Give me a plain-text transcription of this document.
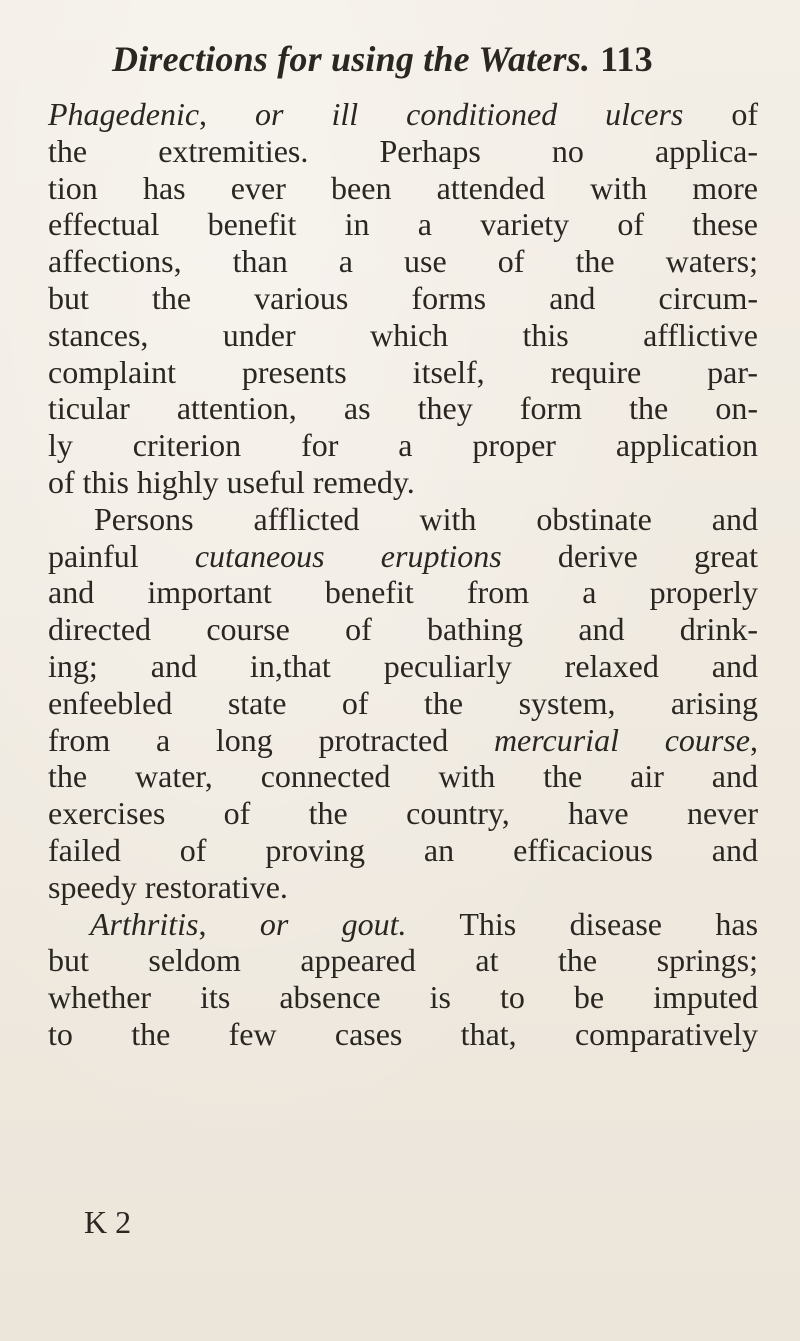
Directions for using the Waters. 113
Phagedenic, or ill conditioned ulcers of
the extremities. Perhaps no applica-
tion has ever been attended with more
effectual benefit in a variety of these
affections, than a use of the waters;
but the various forms and circum-
stances, under which this afflictive
complaint presents itself, require par-
ticular attention, as they form the on-
ly criterion for a proper application
of this highly useful remedy.
Persons afflicted with obstinate and
painful cutaneous eruptions derive great
and important benefit from a properly
directed course of bathing and drink-
ing; and in,that peculiarly relaxed and
enfeebled state of the system, arising
from a long protracted mercurial course,
the water, connected with the air and
exercises of the country, have never
failed of proving an efficacious and
speedy restorative.
Arthritis, or gout. This disease has
but seldom appeared at the springs;
whether its absence is to be imputed
to the few cases that, comparatively
K 2
